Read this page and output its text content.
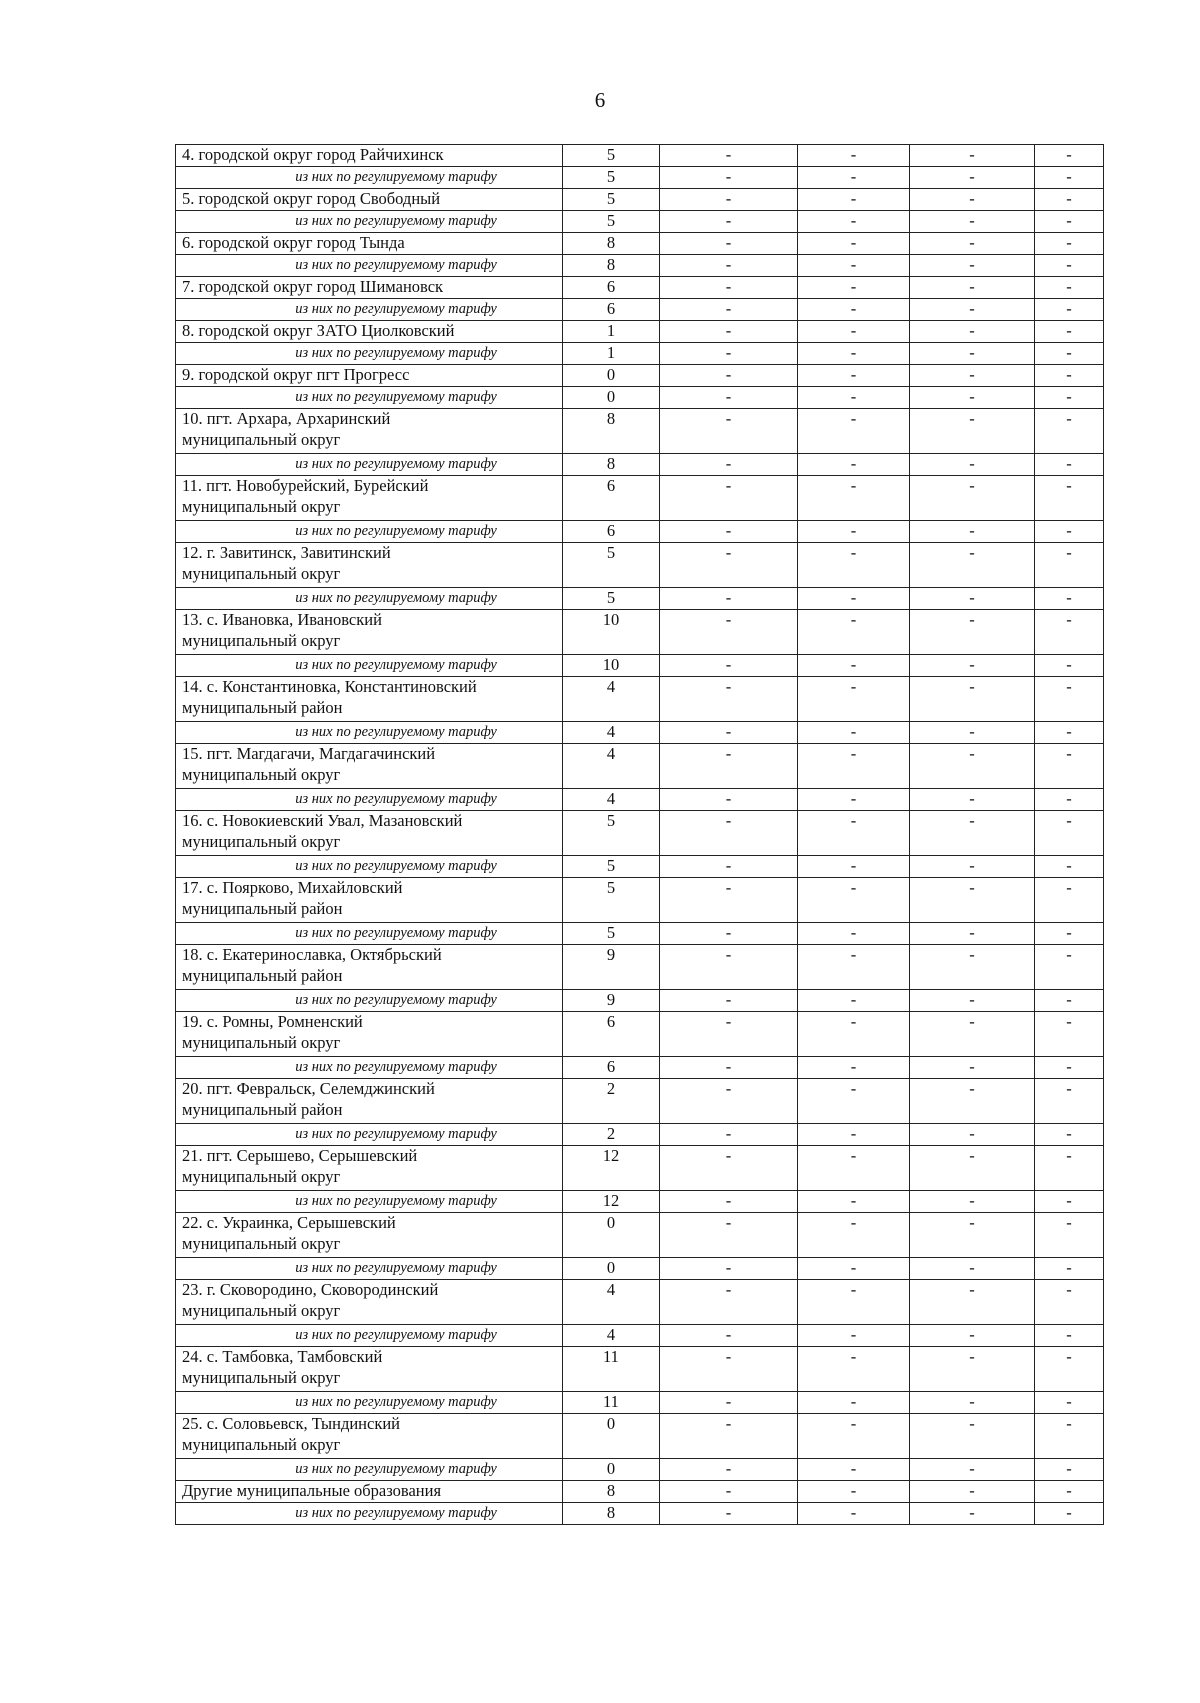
6
4. городской округ город Райчихинск	5	-	-	-	-
из них по регулируемому тарифу	5	-	-	-	-

5. городской округ город Свободный	5	-	-	-	-
из них по регулируемому тарифу	5	-	-	-	-

6. городской округ город Тында	8	-	-	-	-
из них по регулируемому тарифу	8	-	-	-	-

7. городской округ город Шимановск	6	-	-	-	-
из них по регулируемому тарифу	6	-	-	-	-

8. городской округ ЗАТО Циолковский	1	-	-	-	-
из них по регулируемому тарифу	1	-	-	-	-

9. городской округ пгт Прогресс	0	-	-	-	-
из них по регулируемому тарифу	0	-	-	-	-

10. пгт. Архара, Архаринский
муниципальный округ	8	-	-	-	-
из них по регулируемому тарифу	8	-	-	-	-

11. пгт. Новобурейский, Бурейский
муниципальный округ	6	-	-	-	-
из них по регулируемому тарифу	6	-	-	-	-

12. г. Завитинск, Завитинский
муниципальный округ	5	-	-	-	-
из них по регулируемому тарифу	5	-	-	-	-

13. с. Ивановка, Ивановский
муниципальный округ	10	-	-	-	-
из них по регулируемому тарифу	10	-	-	-	-

14. с. Константиновка, Константиновский
муниципальный район	4	-	-	-	-
из них по регулируемому тарифу	4	-	-	-	-

15. пгт. Магдагачи, Магдагачинский
муниципальный округ	4	-	-	-	-
из них по регулируемому тарифу	4	-	-	-	-

16. с. Новокиевский Увал, Мазановский
муниципальный округ	5	-	-	-	-
из них по регулируемому тарифу	5	-	-	-	-

17. с. Поярково, Михайловский
муниципальный район	5	-	-	-	-
из них по регулируемому тарифу	5	-	-	-	-

18. с. Екатеринославка, Октябрьский
муниципальный район	9	-	-	-	-
из них по регулируемому тарифу	9	-	-	-	-

19. с. Ромны, Ромненский
муниципальный округ	6	-	-	-	-
из них по регулируемому тарифу	6	-	-	-	-

20. пгт. Февральск, Селемджинский
муниципальный район	2	-	-	-	-
из них по регулируемому тарифу	2	-	-	-	-

21. пгт. Серышево, Серышевский
муниципальный округ	12	-	-	-	-
из них по регулируемому тарифу	12	-	-	-	-

22. с. Украинка, Серышевский
муниципальный округ	0	-	-	-	-
из них по регулируемому тарифу	0	-	-	-	-

23. г. Сковородино, Сковородинский
муниципальный округ	4	-	-	-	-
из них по регулируемому тарифу	4	-	-	-	-

24. с. Тамбовка, Тамбовский
муниципальный округ	11	-	-	-	-
из них по регулируемому тарифу	11	-	-	-	-

25. с. Соловьевск, Тындинский
муниципальный округ	0	-	-	-	-
из них по регулируемому тарифу	0	-	-	-	-

Другие муниципальные образования	8	-	-	-	-
из них по регулируемому тарифу	8	-	-	-	-
